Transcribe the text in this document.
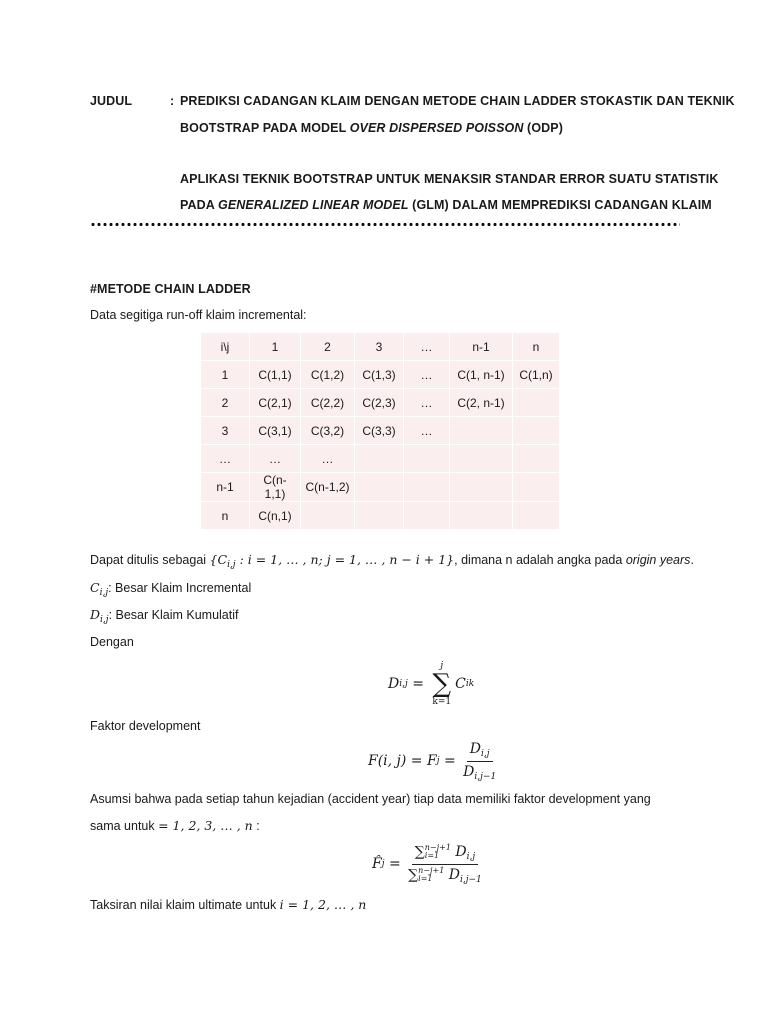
JUDUL	: PREDIKSI CADANGAN KLAIM DENGAN METODE CHAIN LADDER STOKASTIK DAN TEKNIK
BOOTSTRAP PADA MODEL OVER DISPERSED POISSON (ODP)
APLIKASI TEKNIK BOOTSTRAP UNTUK MENAKSIR STANDAR ERROR SUATU STATISTIK
PADA GENERALIZED LINEAR MODEL (GLM) DALAM MEMPREDIKSI CADANGAN KLAIM
#METODE CHAIN LADDER
Data segitiga run-off klaim incremental:
i\j	1	2	3	…	n-1	n
1	C(1,1)	C(1,2)	C(1,3)	…	C(1, n-1)	C(1,n)
2	C(2,1)	C(2,2)	C(2,3)	…	C(2, n-1)	
3	C(3,1)	C(3,2)	C(3,3)	…		
…	…	…				
n-1	C(n-1,1)	C(n-1,2)				
n	C(n,1)					
Dapat ditulis sebagai {$C_{i,j}$ : i = 1, … , n; j = 1, … , n − i + 1}, dimana n adalah angka pada origin years.
$C_{i,j}$: Besar Klaim Incremental
$D_{i,j}$: Besar Klaim Kumulatif
Dengan
D i,j =
j
∑
k=1
C ik
Faktor development
F(i, j) = F $j = \frac{D_{i,j}}{D_{i,j-1}}$
Asumsi bahwa pada setiap tahun kejadian (accident year) tiap data memiliki faktor development yang
sama untuk = 1, 2, 3, … , n :
F̂ j = ∑ n−j+1
i=1 $D_{i,j}$
∑ n−j+1
i=1 $D_{i,j-1}$
Taksiran nilai klaim ultimate untuk i = 1, 2, … , n
